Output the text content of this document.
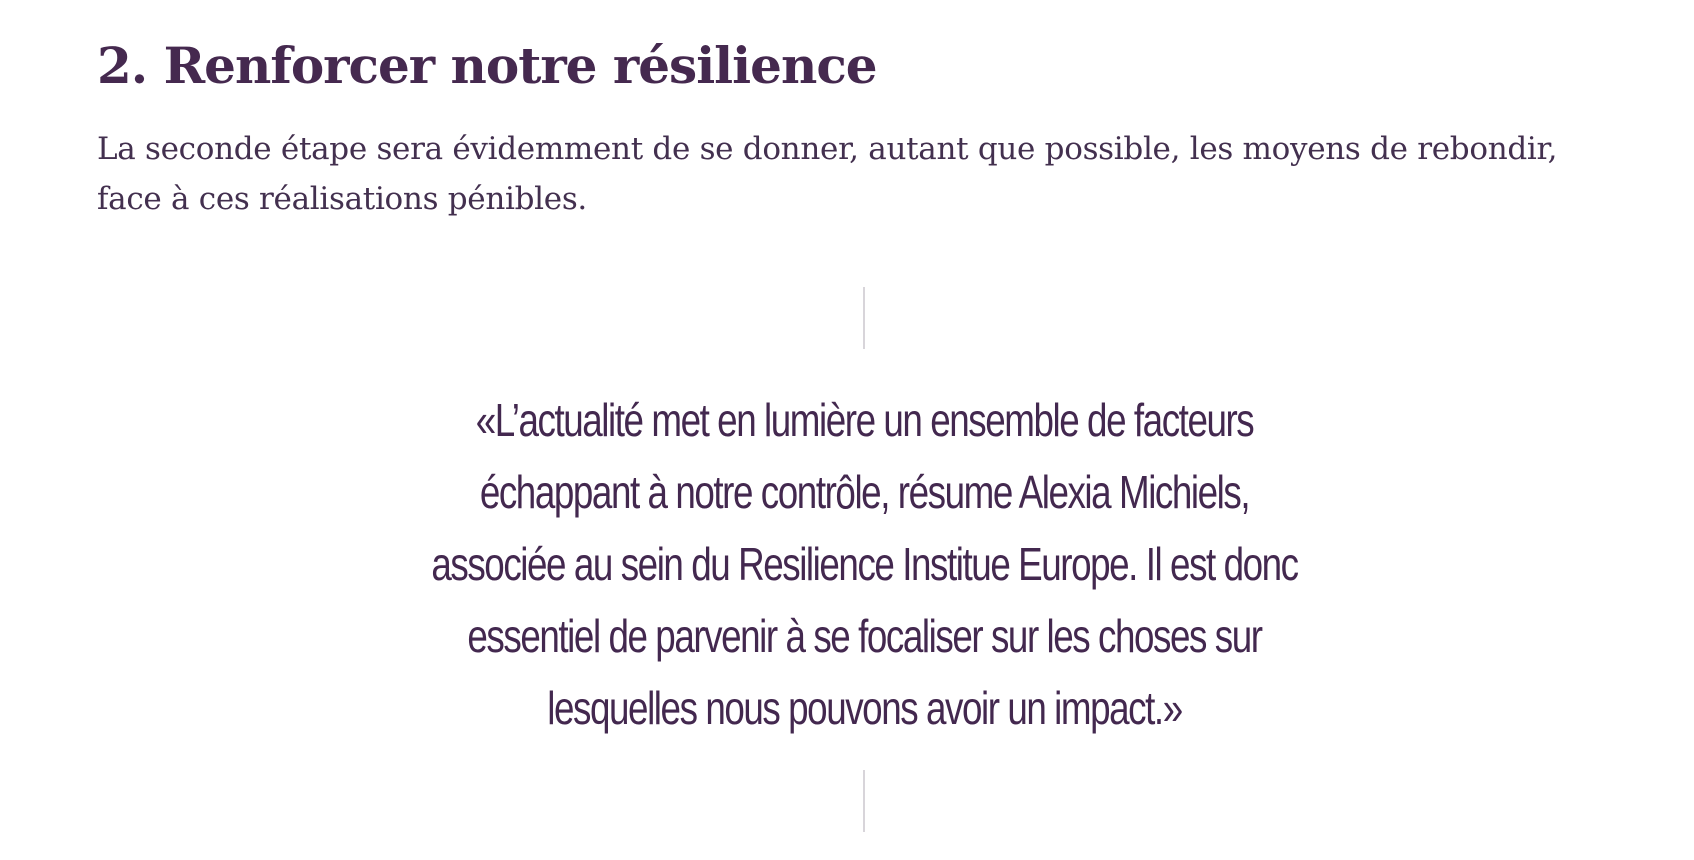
2. Renforcer notre résilience

La seconde étape sera évidemment de se donner, autant que possible, les moyens de rebondir, face à ces réalisations pénibles.

«L’actualité met en lumière un ensemble de facteurs échappant à notre contrôle, résume Alexia Michiels, associée au sein du Resilience Institue Europe. Il est donc essentiel de parvenir à se focaliser sur les choses sur lesquelles nous pouvons avoir un impact.»
